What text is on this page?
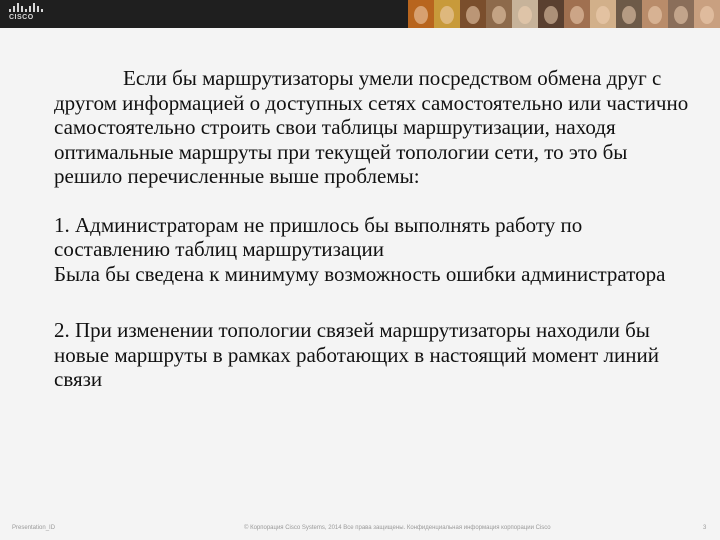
CISCO

Если бы маршрутизаторы умели посредством обмена друг с другом информацией о доступных сетях самостоятельно или частично самостоятельно строить свои таблицы маршрутизации, находя оптимальные маршруты при текущей топологии сети, то это бы решило перечисленные выше проблемы:

1. Администраторам не пришлось бы выполнять работу по составлению таблиц маршрутизации

Была бы сведена к минимуму возможность ошибки администратора

2. При изменении топологии связей маршрутизаторы находили бы новые маршруты в рамках работающих в настоящий момент линий связи

Presentation_ID	© Корпорация Cisco Systems, 2014 Все права защищены. Конфиденциальная информация корпорации Cisco	3
